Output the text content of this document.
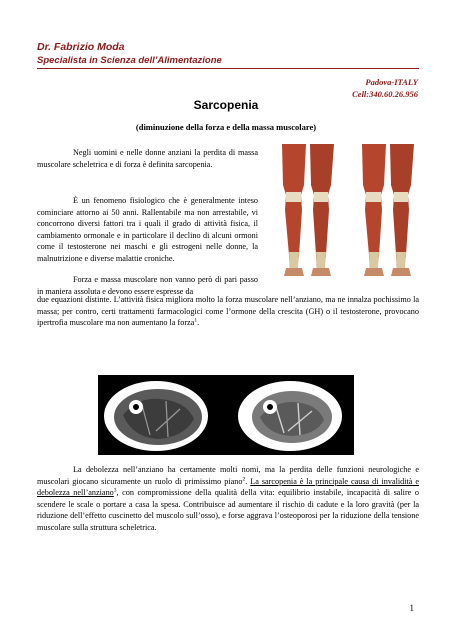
Dr. Fabrizio Moda
Specialista in Scienza dell’Alimentazione
Padova-ITALY
Cell:340.60.26.956
Sarcopenia
(diminuzione della forza e della massa muscolare)
Negli uomini e nelle donne anziani la perdita di massa muscolare scheletrica e di forza è definita sarcopenia.
È un fenomeno fisiologico che è generalmente inteso cominciare attorno ai 50 anni. Rallentabile ma non arrestabile, vi concorrono diversi fattori tra i quali il grado di attività fisica, il cambiamento ormonale e in particolare il declino di alcuni ormoni come il testosterone nei maschi e gli estrogeni nelle donne, la malnutrizione e diverse malattie croniche.
Forza e massa muscolare non vanno però di pari passo in maniera assoluta e devono essere espresse da
due equazioni distinte. L’attività fisica migliora molto la forza muscolare nell’anziano, ma ne innalza pochissimo la massa; per contro, certi trattamenti farmacologici come l’ormone della crescita (GH) o il testosterone, provocano ipertrofia muscolare ma non aumentano la forza$^1$.
La debolezza nell’anziano ha certamente molti nomi, ma la perdita delle funzioni neurologiche e muscolari giocano sicuramente un ruolo di primissimo piano$^2$. La sarcopenia è la principale causa di invalidità e debolezza nell’anziano$^3$, con compromissione della qualità della vita: equilibrio instabile, incapacità di salire o scendere le scale o portare a casa la spesa. Contribuisce ad aumentare il rischio di cadute e la loro gravità (per la riduzione dell’effetto cuscinetto del muscolo sull’osso), e forse aggrava l’osteoporosi per la riduzione della tensione muscolare sulla struttura scheletrica.
1
